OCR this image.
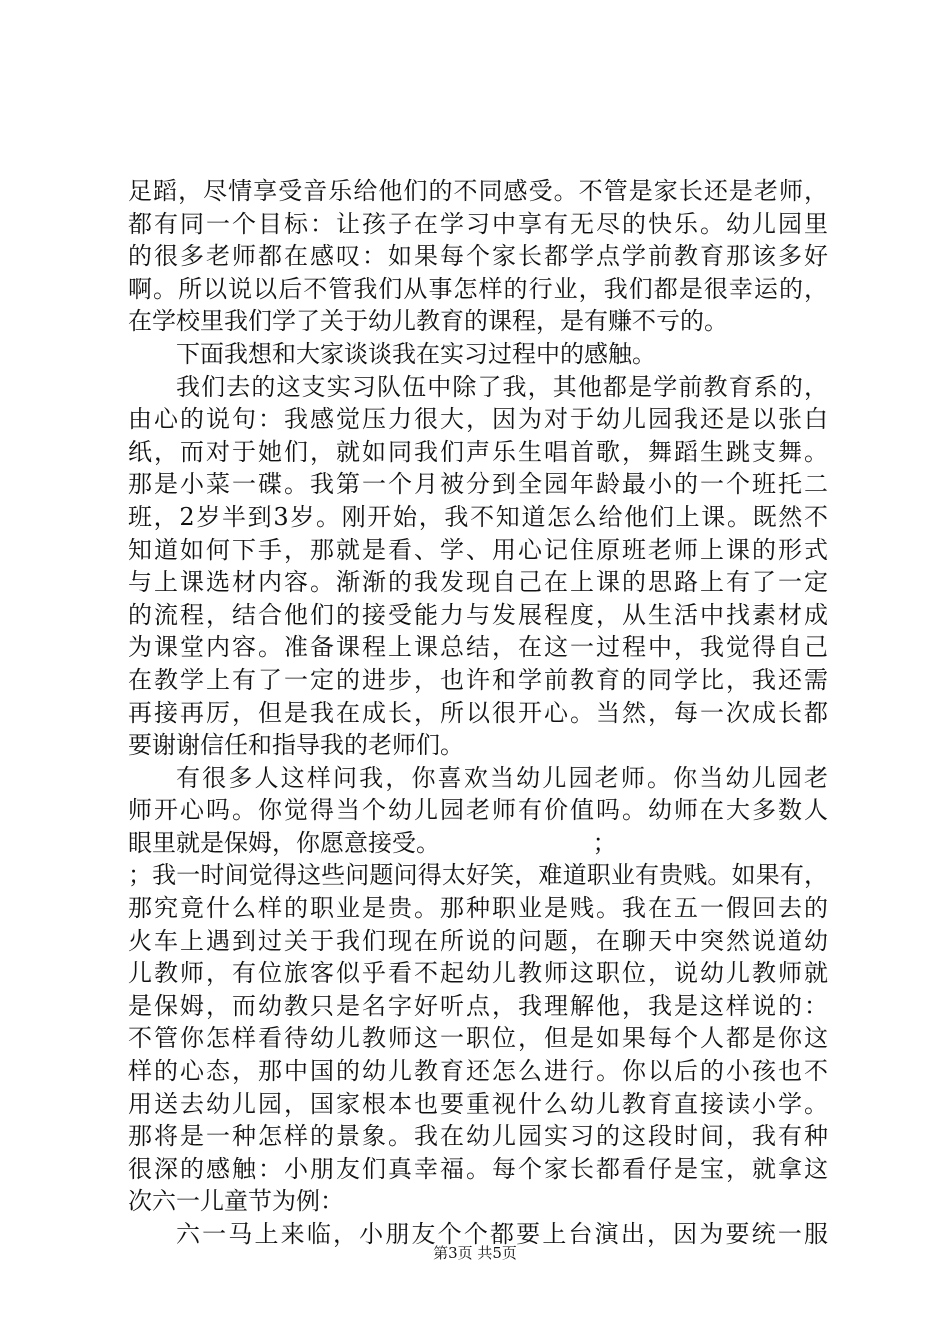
足蹈，尽情享受音乐给他们的不同感受。不管是家长还是老师，
都有同一个目标：让孩子在学习中享有无尽的快乐。幼儿园里
的很多老师都在感叹：如果每个家长都学点学前教育那该多好
啊。所以说以后不管我们从事怎样的行业，我们都是很幸运的，
在学校里我们学了关于幼儿教育的课程，是有赚不亏的。
下面我想和大家谈谈我在实习过程中的感触。
我们去的这支实习队伍中除了我，其他都是学前教育系的，
由心的说句：我感觉压力很大，因为对于幼儿园我还是以张白
纸，而对于她们，就如同我们声乐生唱首歌，舞蹈生跳支舞。
那是小菜一碟。我第一个月被分到全园年龄最小的一个班托二
班，2岁半到3岁。刚开始，我不知道怎么给他们上课。既然不
知道如何下手，那就是看、学、用心记住原班老师上课的形式
与上课选材内容。渐渐的我发现自己在上课的思路上有了一定
的流程，结合他们的接受能力与发展程度，从生活中找素材成
为课堂内容。准备课程上课总结，在这一过程中，我觉得自己
在教学上有了一定的进步，也许和学前教育的同学比，我还需
再接再厉，但是我在成长，所以很开心。当然，每一次成长都
要谢谢信任和指导我的老师们。
有很多人这样问我，你喜欢当幼儿园老师。你当幼儿园老
师开心吗。你觉得当个幼儿园老师有价值吗。幼师在大多数人
眼里就是保姆，你愿意接受。                    ；
；我一时间觉得这些问题问得太好笑，难道职业有贵贱。如果有，
那究竟什么样的职业是贵。那种职业是贱。我在五一假回去的
火车上遇到过关于我们现在所说的问题，在聊天中突然说道幼
儿教师，有位旅客似乎看不起幼儿教师这职位，说幼儿教师就
是保姆，而幼教只是名字好听点，我理解他，我是这样说的：
不管你怎样看待幼儿教师这一职位，但是如果每个人都是你这
样的心态，那中国的幼儿教育还怎么进行。你以后的小孩也不
用送去幼儿园，国家根本也要重视什么幼儿教育直接读小学。
那将是一种怎样的景象。我在幼儿园实习的这段时间，我有种
很深的感触：小朋友们真幸福。每个家长都看仔是宝，就拿这
次六一儿童节为例：
六一马上来临，小朋友个个都要上台演出，因为要统一服
第3页 共5页
